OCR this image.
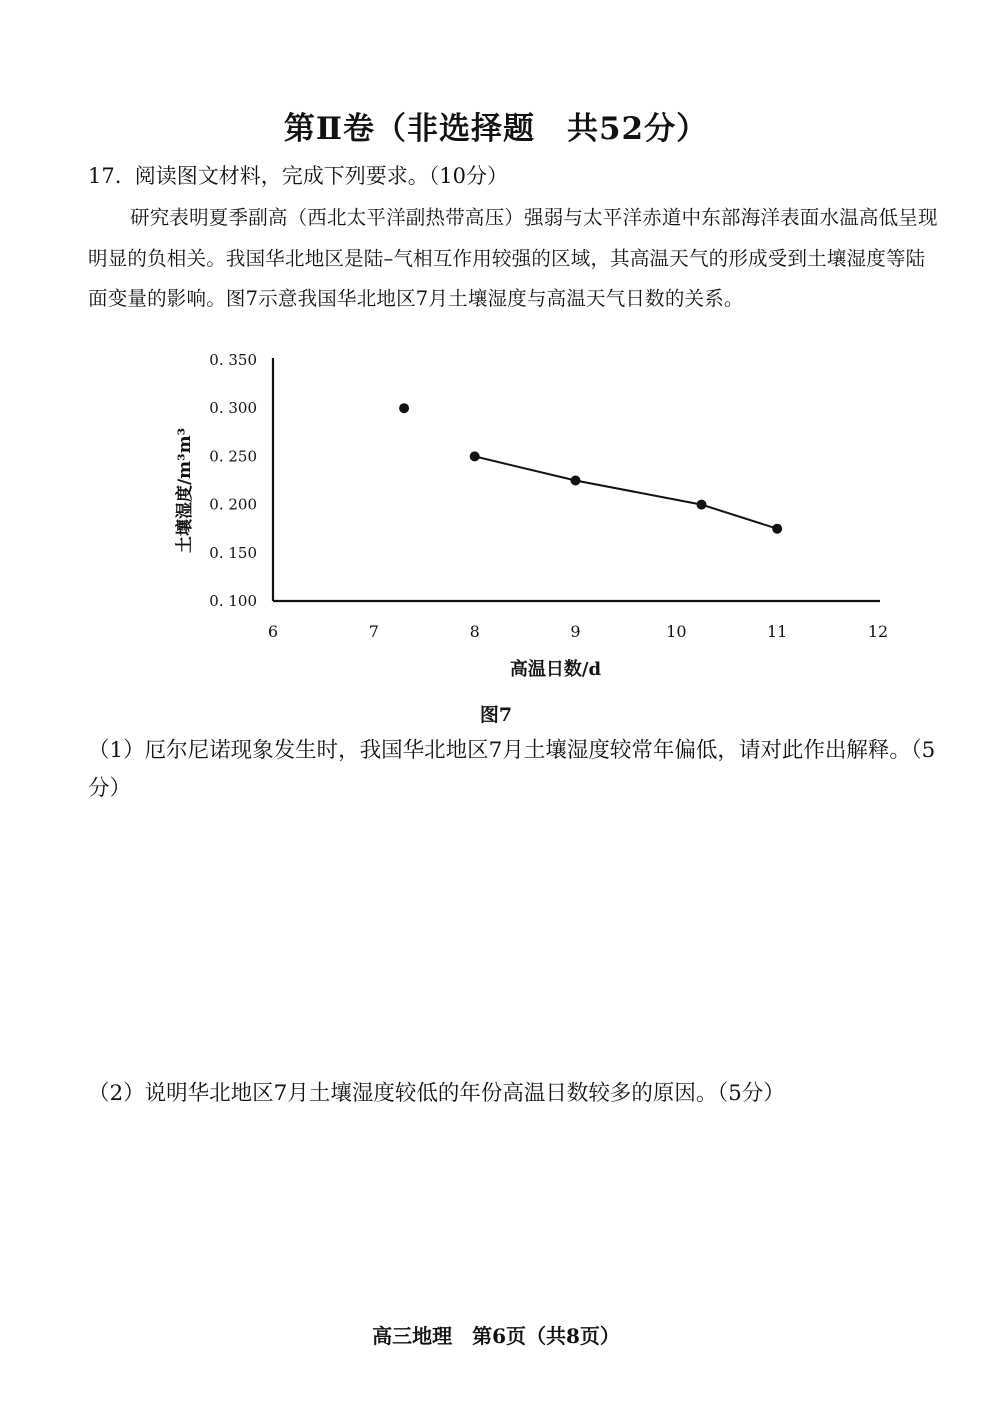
第Ⅱ卷（非选择题　共52分）
17. 阅读图文材料，完成下列要求。（10分）
研究表明夏季副高（西北太平洋副热带高压）强弱与太平洋赤道中东部海洋表面水温高低呈现明显的负相关。我国华北地区是陆–气相互作用较强的区域，其高温天气的形成受到土壤湿度等陆面变量的影响。图7示意我国华北地区7月土壤湿度与高温天气日数的关系。
0. 100
0. 150
0. 200
0. 250
0. 300
0. 350
6	7	8	9	10	11	12
高温日数/d
土壤湿度/m³m³
图7
（1）厄尔尼诺现象发生时，我国华北地区7月土壤湿度较常年偏低，请对此作出解释。（5分）
（2）说明华北地区7月土壤湿度较低的年份高温日数较多的原因。（5分）
高三地理　第6页（共8页）
